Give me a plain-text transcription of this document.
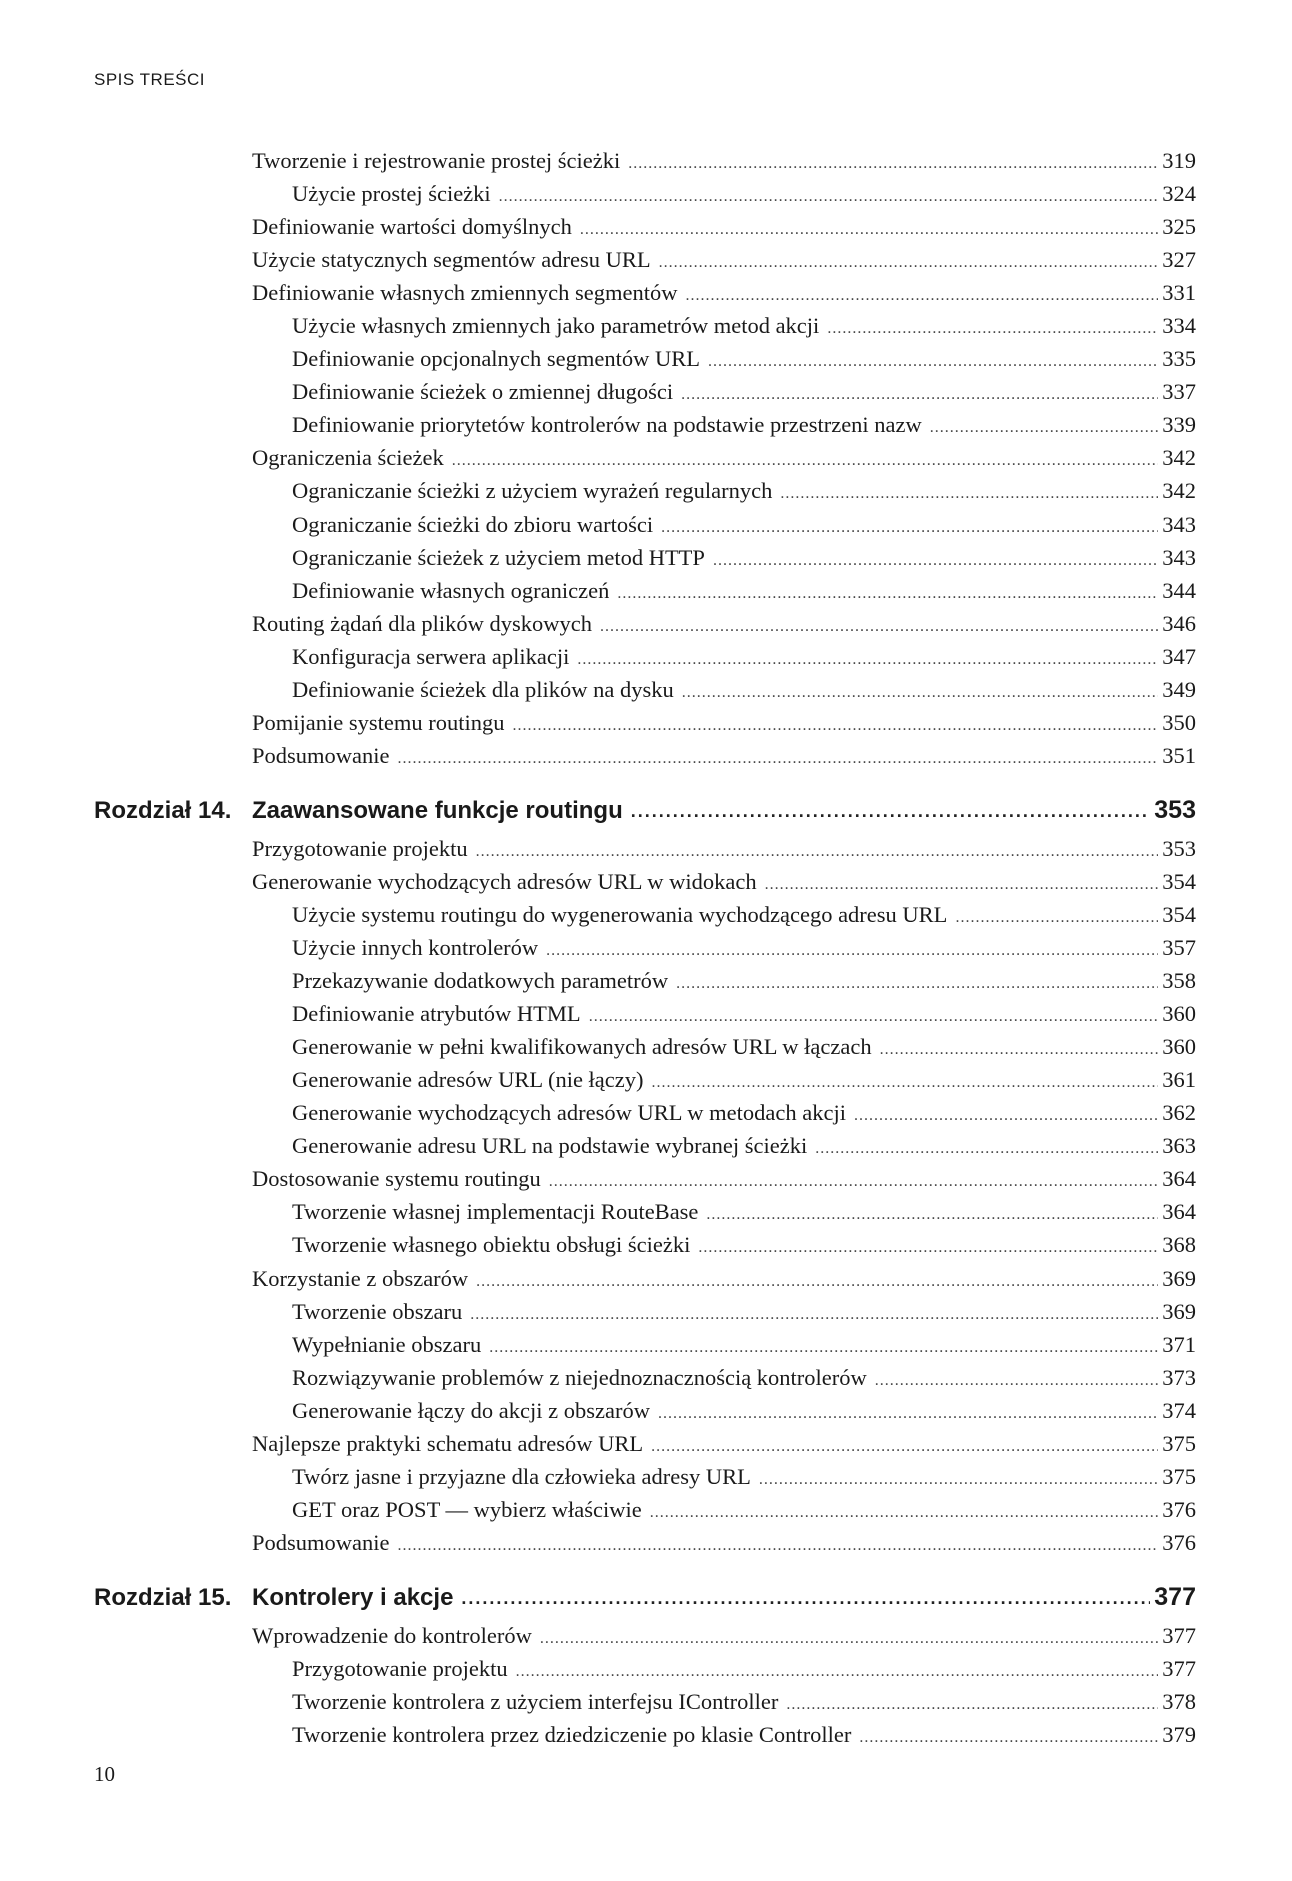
SPIS TREŚCI
Tworzenie i rejestrowanie prostej ścieżki . . .	319
Użycie prostej ścieżki . . .	324
Definiowanie wartości domyślnych . . .	325
Użycie statycznych segmentów adresu URL . . .	327
Definiowanie własnych zmiennych segmentów . . .	331
Użycie własnych zmiennych jako parametrów metod akcji . . .	334
Definiowanie opcjonalnych segmentów URL . . .	335
Definiowanie ścieżek o zmiennej długości . . .	337
Definiowanie priorytetów kontrolerów na podstawie przestrzeni nazw . . .	339
Ograniczenia ścieżek . . .	342
Ograniczanie ścieżki z użyciem wyrażeń regularnych . . .	342
Ograniczanie ścieżki do zbioru wartości . . .	343
Ograniczanie ścieżek z użyciem metod HTTP . . .	343
Definiowanie własnych ograniczeń . . .	344
Routing żądań dla plików dyskowych . . .	346
Konfiguracja serwera aplikacji . . .	347
Definiowanie ścieżek dla plików na dysku . . .	349
Pomijanie systemu routingu . . .	350
Podsumowanie . . .	351
Rozdział 14. Zaawansowane funkcje routingu . . .	353
Przygotowanie projektu . . .	353
Generowanie wychodzących adresów URL w widokach . . .	354
Użycie systemu routingu do wygenerowania wychodzącego adresu URL . . .	354
Użycie innych kontrolerów . . .	357
Przekazywanie dodatkowych parametrów . . .	358
Definiowanie atrybutów HTML . . .	360
Generowanie w pełni kwalifikowanych adresów URL w łączach . . .	360
Generowanie adresów URL (nie łączy) . . .	361
Generowanie wychodzących adresów URL w metodach akcji . . .	362
Generowanie adresu URL na podstawie wybranej ścieżki . . .	363
Dostosowanie systemu routingu . . .	364
Tworzenie własnej implementacji RouteBase . . .	364
Tworzenie własnego obiektu obsługi ścieżki . . .	368
Korzystanie z obszarów . . .	369
Tworzenie obszaru . . .	369
Wypełnianie obszaru . . .	371
Rozwiązywanie problemów z niejednoznacznością kontrolerów . . .	373
Generowanie łączy do akcji z obszarów . . .	374
Najlepsze praktyki schematu adresów URL . . .	375
Twórz jasne i przyjazne dla człowieka adresy URL . . .	375
GET oraz POST — wybierz właściwie . . .	376
Podsumowanie . . .	376
Rozdział 15. Kontrolery i akcje . . .	377
Wprowadzenie do kontrolerów . . .	377
Przygotowanie projektu . . .	377
Tworzenie kontrolera z użyciem interfejsu IController . . .	378
Tworzenie kontrolera przez dziedziczenie po klasie Controller . . .	379
10
